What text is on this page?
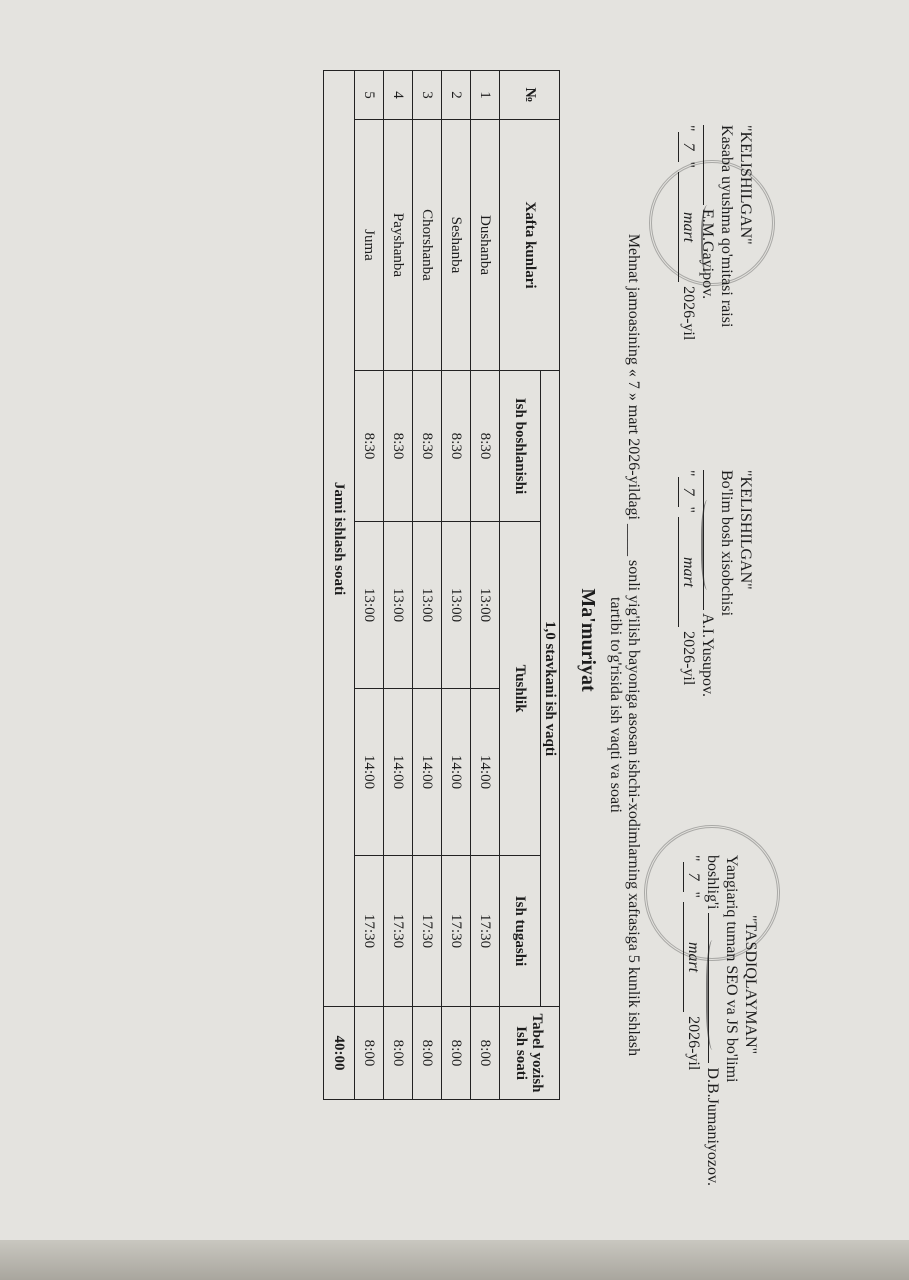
"KELISHILGAN"
Kasaba uyushma qo'mitasi raisi
E.M.Gayipov.
"7" mart 2026-yil
"KELISHILGAN"
Bo'lim bosh xisobchisi
A.I.Yusupov.
"7" mart 2026-yil
"TASDIQLAYMAN"
Yangiariq tuman SEO va JS bo'limi
boshlig'i  D.B.Jumaniyozov.
"7" mart 2026-yil
Mehnat jamoasining « 7 » mart 2026-yildagi ____ sonli yig'ilish bayoniga asosan ishchi-xodimlarning xaftasiga 5 kunlik ishlash
tartibi to'g'risida ish vaqti va soati
Ma'muriyat
№	Xafta kunlari	1,0 stavkani ish vaqti				Tabel yozish Ish soati
		Ish boshlanishi	Tushlik		Ish tugashi	
1	Dushanba	8:30	13:00	14:00	17:30	8:00
2	Seshanba	8:30	13:00	14:00	17:30	8:00
3	Chorshanba	8:30	13:00	14:00	17:30	8:00
4	Payshanba	8:30	13:00	14:00	17:30	8:00
5	Juma	8:30	13:00	14:00	17:30	8:00
Jami ishlash soati						40:00
